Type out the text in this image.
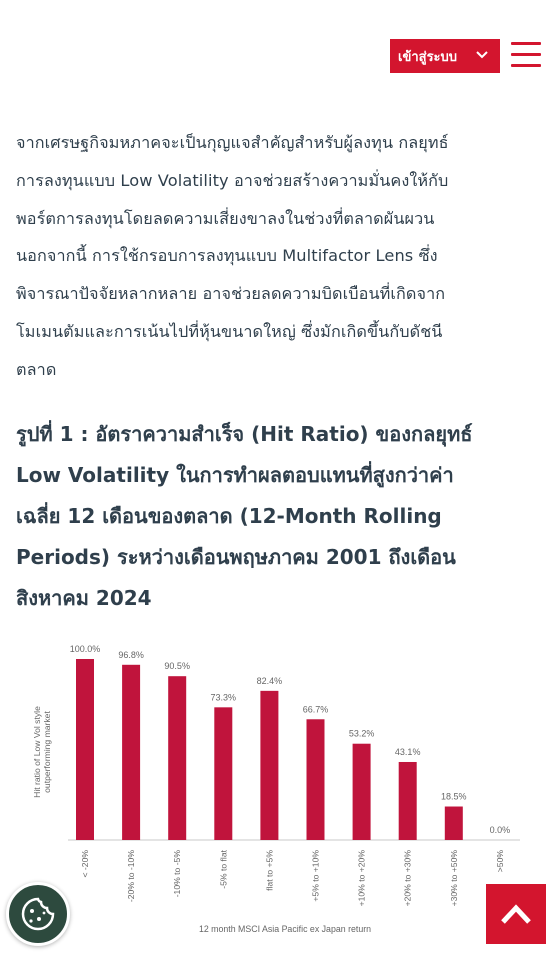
เข้าสู่ระบบ
จากเศรษฐกิจมหภาคจะเป็นกุญแจสำคัญสำหรับผู้ลงทุน กลยุทธ์
การลงทุนแบบ Low Volatility อาจช่วยสร้างความมั่นคงให้กับ
พอร์ตการลงทุนโดยลดความเสี่ยงขาลงในช่วงที่ตลาดผันผวน
นอกจากนี้ การใช้กรอบการลงทุนแบบ Multifactor Lens ซึ่ง
พิจารณาปัจจัยหลากหลาย อาจช่วยลดความบิดเบือนที่เกิดจาก
โมเมนตัมและการเน้นไปที่หุ้นขนาดใหญ่ ซึ่งมักเกิดขึ้นกับดัชนี
ตลาด
รูปที่ 1 : อัตราความสำเร็จ (Hit Ratio) ของกลยุทธ์
Low Volatility ในการทำผลตอบแทนที่สูงกว่าค่า
เฉลี่ย 12 เดือนของตลาด (12-Month Rolling
Periods) ระหว่างเดือนพฤษภาคม 2001 ถึงเดือน
สิงหาคม 2024
100.0%
< -20%
96.8%
-20% to -10%
90.5%
-10% to -5%
73.3%
-5% to flat
82.4%
flat to +5%
66.7%
+5% to +10%
53.2%
+10% to +20%
43.1%
+20% to +30%
18.5%
+30% to +50%
0.0%
>50%
Hit ratio of Low Vol style outperforming market
12 month MSCI Asia Pacific ex Japan return
